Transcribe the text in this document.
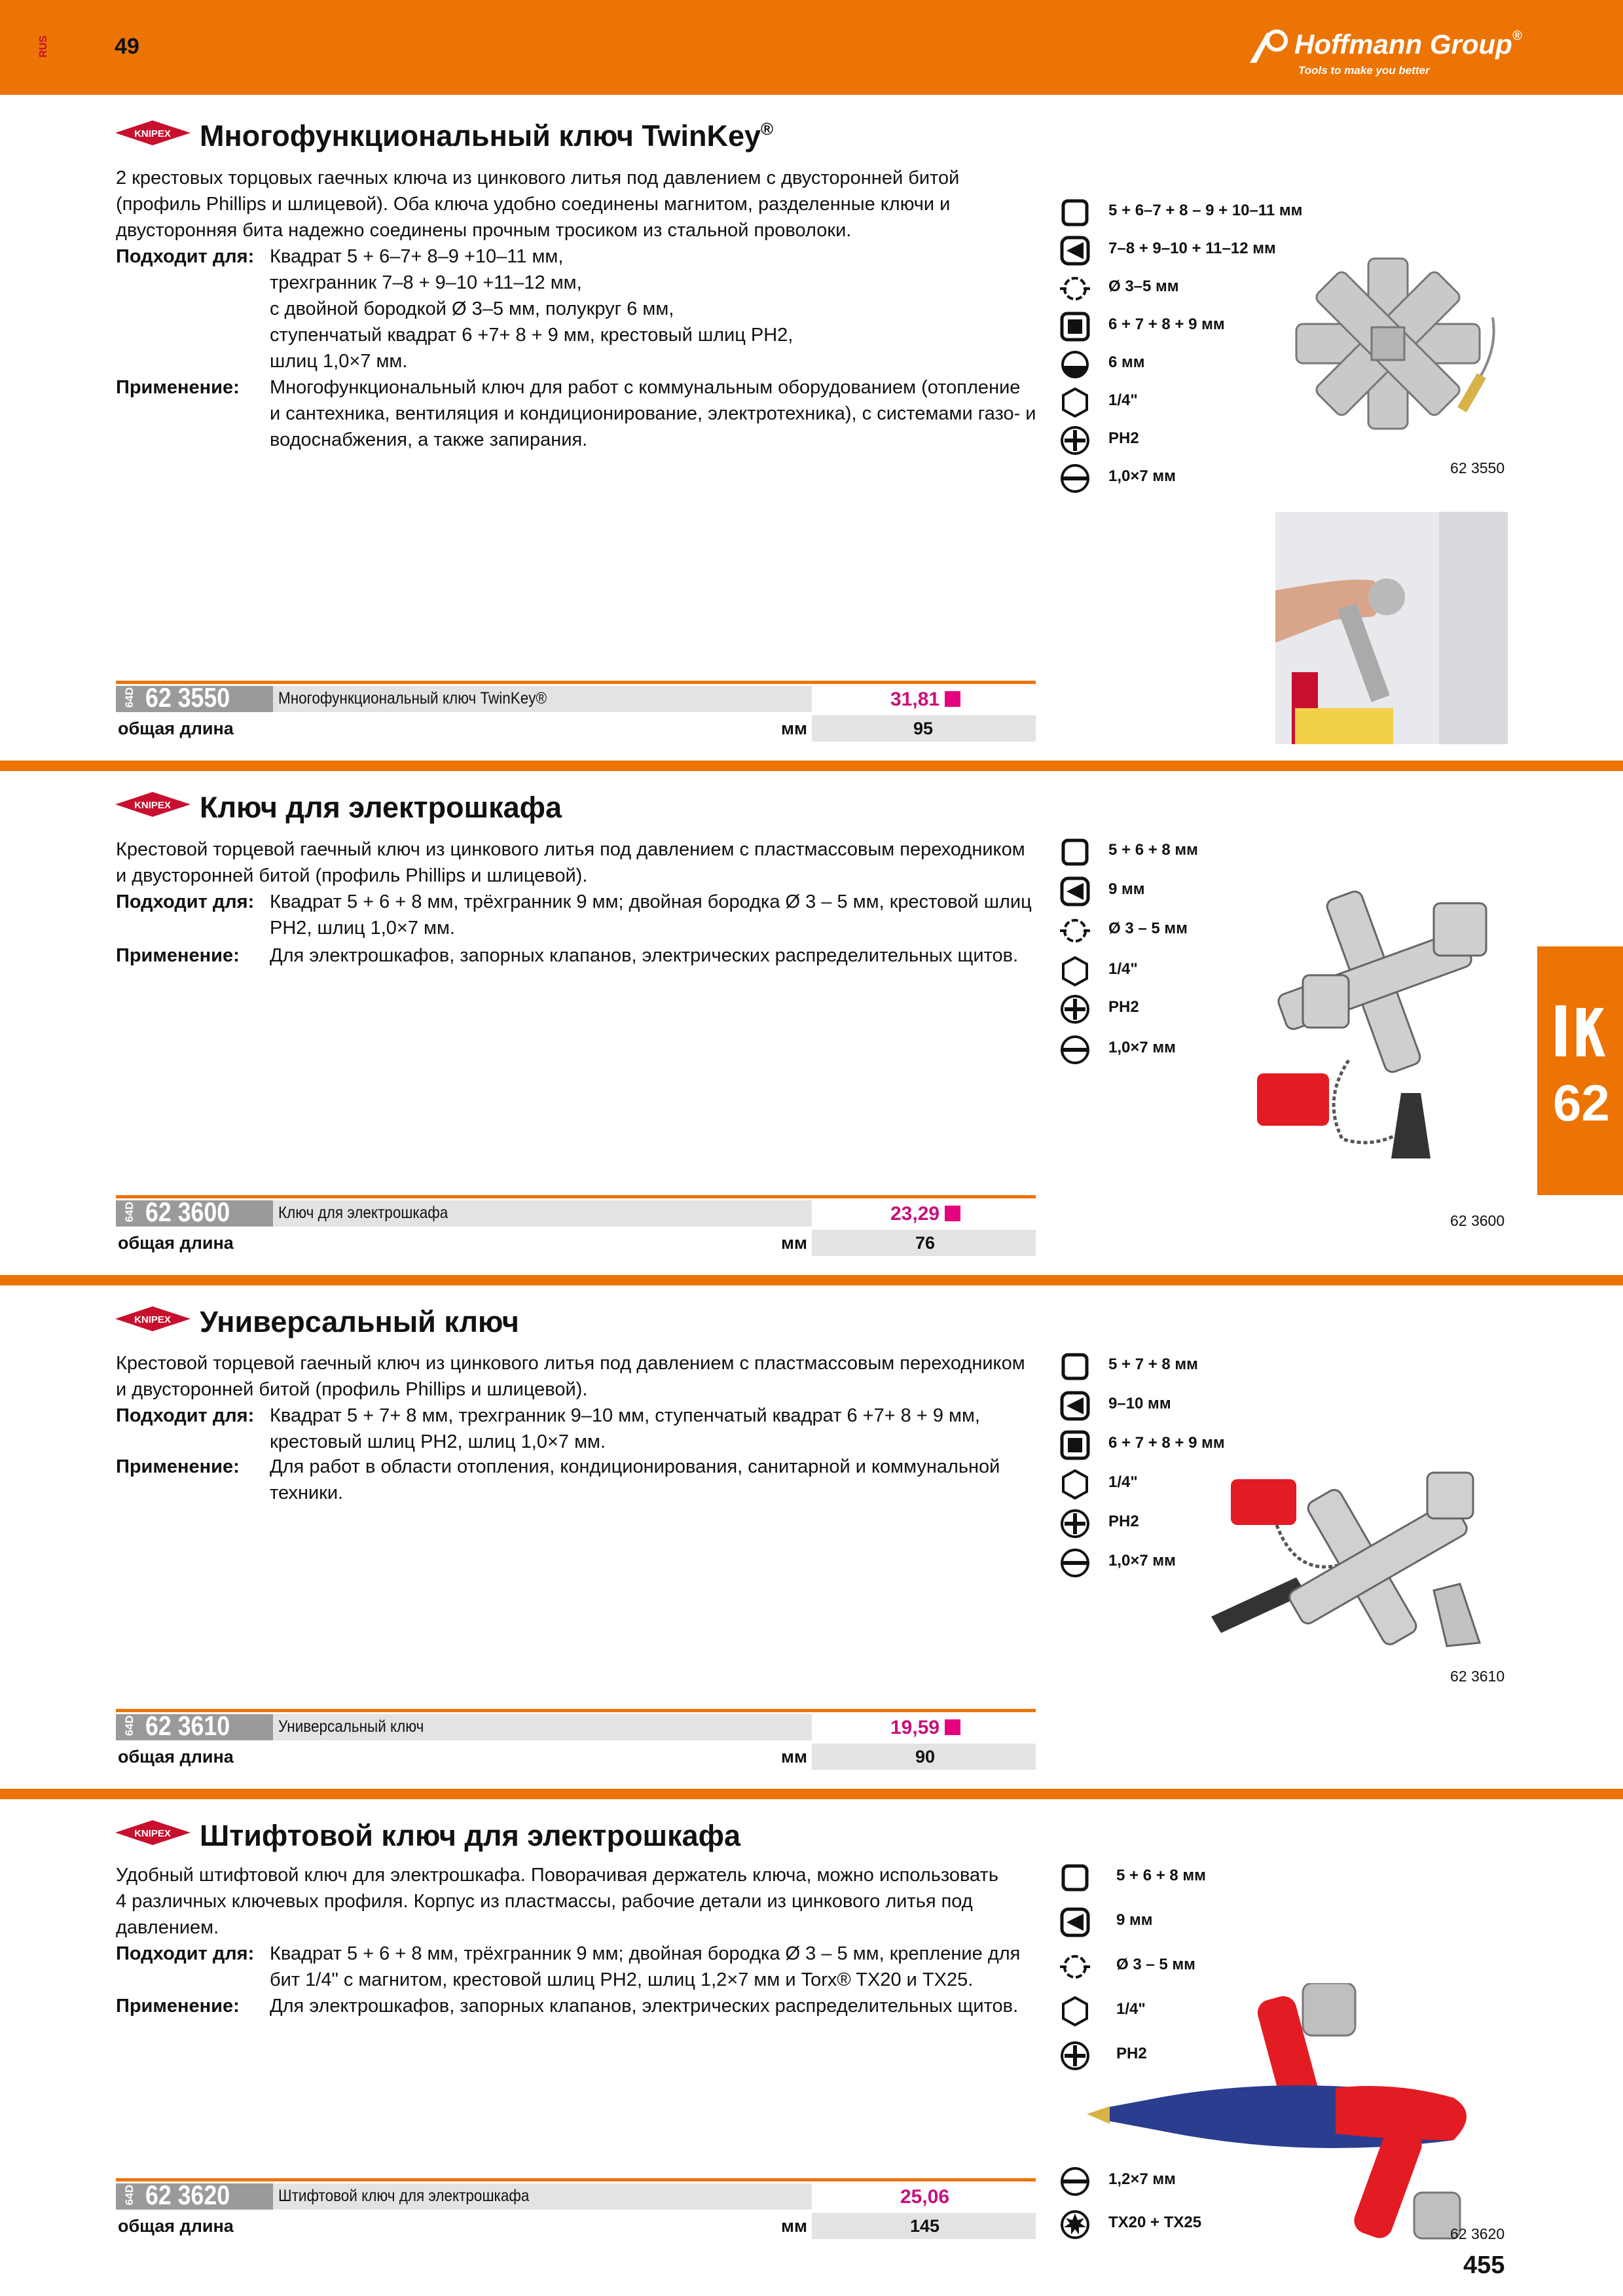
RUS	49	Hoffmann Group®
Tools to make you better
62
KNIPEX Многофункциональный ключ TwinKey®
2 крестовых торцовых гаечных ключа из цинкового литья под давлением с двусторонней битой
(профиль Phillips и шлицевой). Оба ключа удобно соединены магнитом, разделенные ключи и
двусторонняя бита надежно соединены прочным тросиком из стальной проволоки.
Подходит для: Квадрат 5 + 6–7+ 8–9 +10–11 мм,
трехгранник 7–8 + 9–10 +11–12 мм,
с двойной бородкой Ø 3–5 мм, полукруг 6 мм,
ступенчатый квадрат 6 +7+ 8 + 9 мм, крестовый шлиц PH2,
шлиц 1,0×7 мм.
Применение: Многофункциональный ключ для работ с коммунальным оборудованием (отопление
и сантехника, вентиляция и кондиционирование, электротехника), с системами газо- и
водоснабжения, а также запирания.
64D 62 3550	Многофункциональный ключ TwinKey®	31,81
общая длина	мм	95
5 + 6–7 + 8 – 9 + 10–11 мм
7–8 + 9–10 + 11–12 мм
Ø 3–5 мм
6 + 7 + 8 + 9 мм
6 мм
1/4"
PH2
1,0×7 мм	62 3550
KNIPEX Ключ для электрошкафа
Крестовой торцевой гаечный ключ из цинкового литья под давлением с пластмассовым переходником
и двусторонней битой (профиль Phillips и шлицевой).
Подходит для: Квадрат 5 + 6 + 8 мм, трёхгранник 9 мм; двойная бородка Ø 3 – 5 мм, крестовой шлиц
PH2, шлиц 1,0×7 мм.
Применение: Для электрошкафов, запорных клапанов, электрических распределительных щитов.
64D 62 3600	Ключ для электрошкафа	23,29
общая длина	мм	76
5 + 6 + 8 мм
9 мм
Ø 3 – 5 мм
1/4"
PH2
1,0×7 мм
62 3600
KNIPEX Универсальный ключ
Крестовой торцевой гаечный ключ из цинкового литья под давлением с пластмассовым переходником
и двусторонней битой (профиль Phillips и шлицевой).
Подходит для: Квадрат 5 + 7+ 8 мм, трехгранник 9–10 мм, ступенчатый квадрат 6 +7+ 8 + 9 мм,
крестовый шлиц PH2, шлиц 1,0×7 мм.
Применение: Для работ в области отопления, кондиционирования, санитарной и коммунальной
техники.
64D 62 3610	Универсальный ключ	19,59
общая длина	мм	90
5 + 7 + 8 мм
9–10 мм
6 + 7 + 8 + 9 мм
1/4"
PH2
1,0×7 мм
62 3610
KNIPEX Штифтовой ключ для электрошкафа
Удобный штифтовой ключ для электрошкафа. Поворачивая держатель ключа, можно использовать
4 различных ключевых профиля. Корпус из пластмассы, рабочие детали из цинкового литья под
давлением.
Подходит для: Квадрат 5 + 6 + 8 мм, трёхгранник 9 мм; двойная бородка Ø 3 – 5 мм, крепление для
бит 1/4" с магнитом, крестовой шлиц PH2, шлиц 1,2×7 мм и Torx® TX20 и TX25.
Применение: Для электрошкафов, запорных клапанов, электрических распределительных щитов.
64D 62 3620	Штифтовой ключ для электрошкафа	25,06
общая длина	мм	145
5 + 6 + 8 мм
9 мм
Ø 3 – 5 мм
1/4"
PH2
1,2×7 мм
TX20 + TX25
62 3620
455
